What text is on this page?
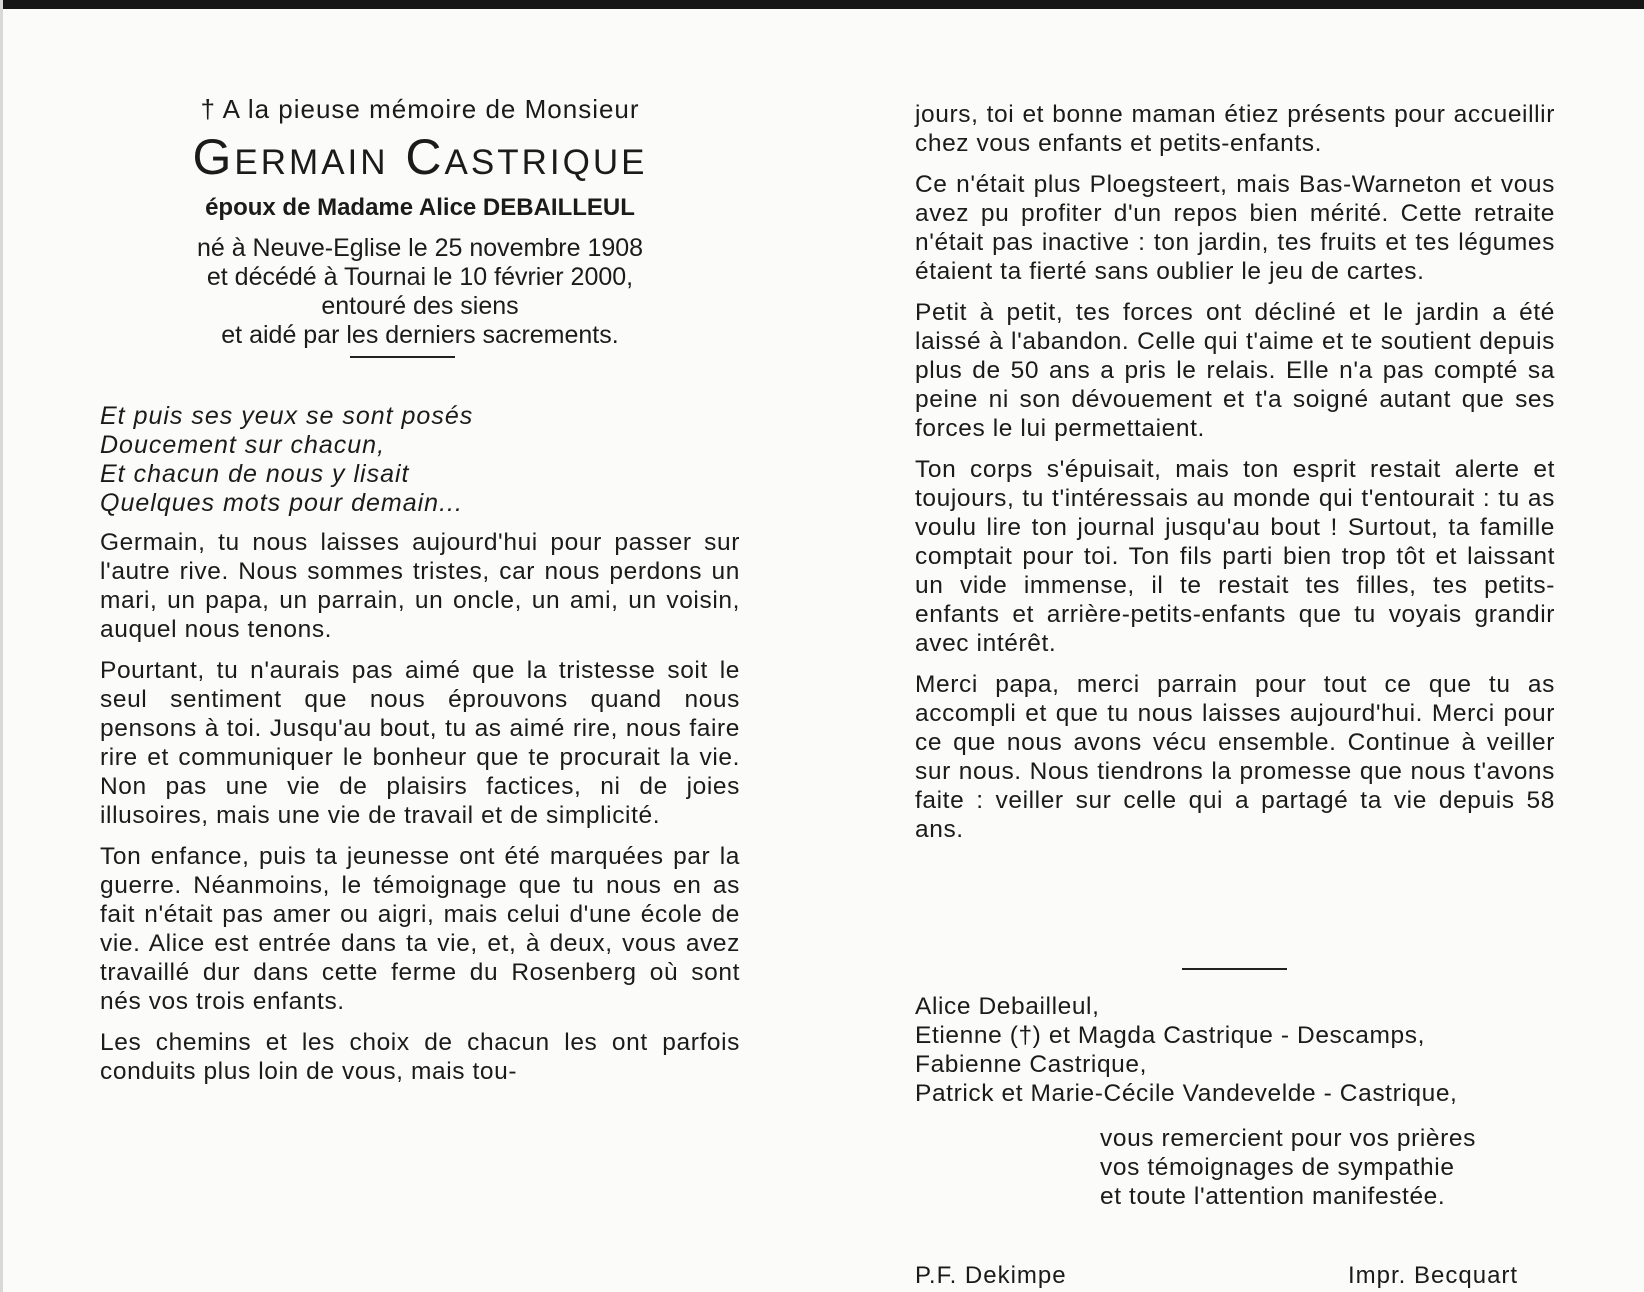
† A la pieuse mémoire de Monsieur
Germain Castrique
époux de Madame Alice DEBAILLEUL
né à Neuve-Eglise le 25 novembre 1908
et décédé à Tournai le 10 février 2000,
entouré des siens
et aidé par les derniers sacrements.
Et puis ses yeux se sont posés
Doucement sur chacun,
Et chacun de nous y lisait
Quelques mots pour demain...

Germain, tu nous laisses aujourd'hui pour passer sur l'autre rive. Nous sommes tristes, car nous perdons un mari, un papa, un parrain, un oncle, un ami, un voisin, auquel nous tenons.

Pourtant, tu n'aurais pas aimé que la tristesse soit le seul sentiment que nous éprouvons quand nous pensons à toi. Jusqu'au bout, tu as aimé rire, nous faire rire et communiquer le bonheur que te procurait la vie. Non pas une vie de plaisirs factices, ni de joies illusoires, mais une vie de travail et de simplicité.

Ton enfance, puis ta jeunesse ont été marquées par la guerre. Néanmoins, le témoignage que tu nous en as fait n'était pas amer ou aigri, mais celui d'une école de vie. Alice est entrée dans ta vie, et, à deux, vous avez travaillé dur dans cette ferme du Rosenberg où sont nés vos trois enfants.

Les chemins et les choix de chacun les ont parfois conduits plus loin de vous, mais tou-

jours, toi et bonne maman étiez présents pour accueillir chez vous enfants et petits-enfants.

Ce n'était plus Ploegsteert, mais Bas-Warneton et vous avez pu profiter d'un repos bien mérité. Cette retraite n'était pas inactive : ton jardin, tes fruits et tes légumes étaient ta fierté sans oublier le jeu de cartes.

Petit à petit, tes forces ont décliné et le jardin a été laissé à l'abandon. Celle qui t'aime et te soutient depuis plus de 50 ans a pris le relais. Elle n'a pas compté sa peine ni son dévouement et t'a soigné autant que ses forces le lui permettaient.

Ton corps s'épuisait, mais ton esprit restait alerte et toujours, tu t'intéressais au monde qui t'entourait : tu as voulu lire ton journal jusqu'au bout ! Surtout, ta famille comptait pour toi. Ton fils parti bien trop tôt et laissant un vide immense, il te restait tes filles, tes petits-enfants et arrière-petits-enfants que tu voyais grandir avec intérêt.

Merci papa, merci parrain pour tout ce que tu as accompli et que tu nous laisses aujourd'hui. Merci pour ce que nous avons vécu ensemble. Continue à veiller sur nous. Nous tiendrons la promesse que nous t'avons faite : veiller sur celle qui a partagé ta vie depuis 58 ans.

Alice Debailleul,
Etienne (†) et Magda Castrique - Descamps,
Fabienne Castrique,
Patrick et Marie-Cécile Vandevelde - Castrique,
vous remercient pour vos prières
vos témoignages de sympathie
et toute l'attention manifestée.
P.F. Dekimpe	Impr. Becquart
